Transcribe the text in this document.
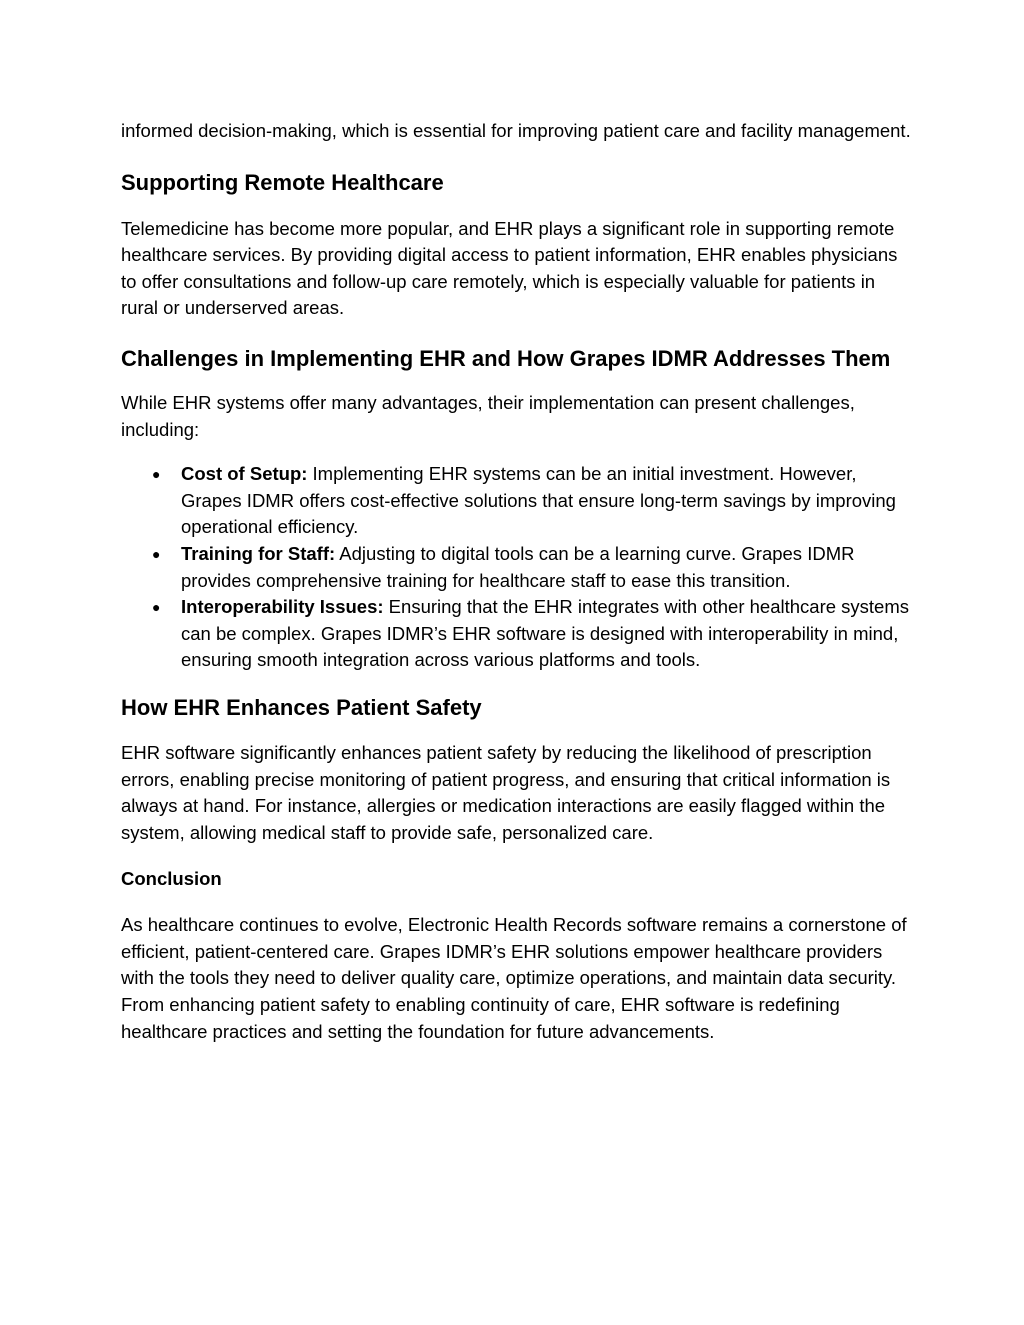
informed decision-making, which is essential for improving patient care and facility management.

Supporting Remote Healthcare

Telemedicine has become more popular, and EHR plays a significant role in supporting remote healthcare services. By providing digital access to patient information, EHR enables physicians to offer consultations and follow-up care remotely, which is especially valuable for patients in rural or underserved areas.

Challenges in Implementing EHR and How Grapes IDMR Addresses Them

While EHR systems offer many advantages, their implementation can present challenges, including:

● Cost of Setup: Implementing EHR systems can be an initial investment. However, Grapes IDMR offers cost-effective solutions that ensure long-term savings by improving operational efficiency.
● Training for Staff: Adjusting to digital tools can be a learning curve. Grapes IDMR provides comprehensive training for healthcare staff to ease this transition.
● Interoperability Issues: Ensuring that the EHR integrates with other healthcare systems can be complex. Grapes IDMR’s EHR software is designed with interoperability in mind, ensuring smooth integration across various platforms and tools.
How EHR Enhances Patient Safety

EHR software significantly enhances patient safety by reducing the likelihood of prescription errors, enabling precise monitoring of patient progress, and ensuring that critical information is always at hand. For instance, allergies or medication interactions are easily flagged within the system, allowing medical staff to provide safe, personalized care.

Conclusion

As healthcare continues to evolve, Electronic Health Records software remains a cornerstone of efficient, patient-centered care. Grapes IDMR’s EHR solutions empower healthcare providers with the tools they need to deliver quality care, optimize operations, and maintain data security. From enhancing patient safety to enabling continuity of care, EHR software is redefining healthcare practices and setting the foundation for future advancements.
